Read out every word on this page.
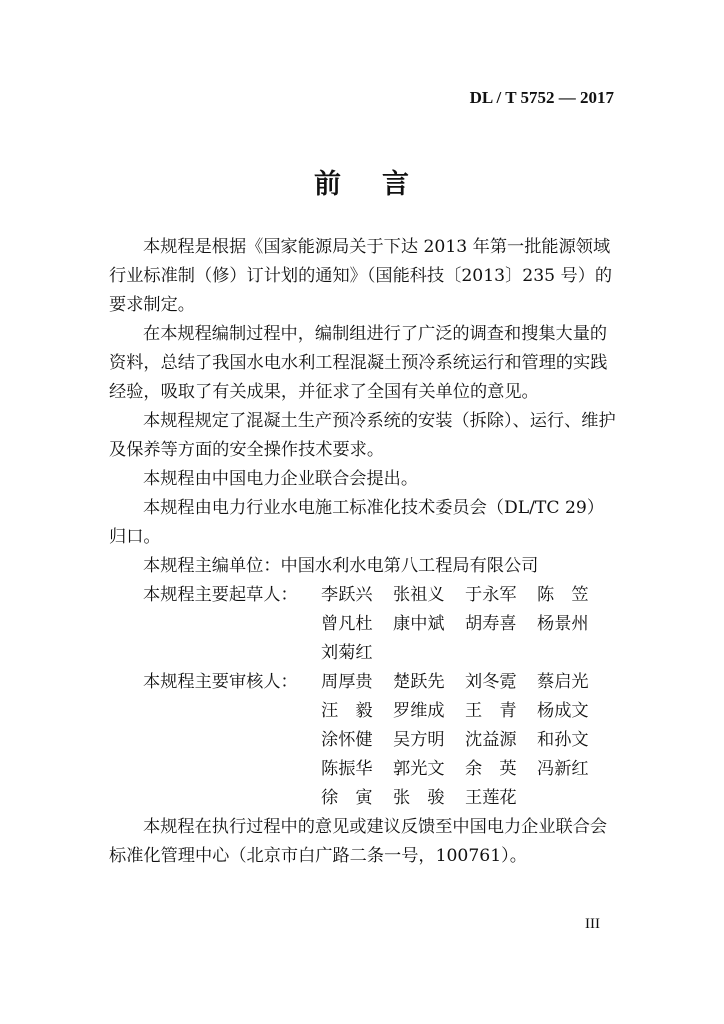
DL / T 5752 — 2017
前 言

本规程是根据《国家能源局关于下达 2013 年第一批能源领域行业标准制（修）订计划的通知》（国能科技〔2013〕235 号）的要求制定。

在本规程编制过程中，编制组进行了广泛的调查和搜集大量的资料，总结了我国水电水利工程混凝土预冷系统运行和管理的实践经验，吸取了有关成果，并征求了全国有关单位的意见。

本规程规定了混凝土生产预冷系统的安装（拆除）、运行、维护及保养等方面的安全操作技术要求。

本规程由中国电力企业联合会提出。

本规程由电力行业水电施工标准化技术委员会（DL/TC 29）归口。

本规程主编单位：中国水利水电第八工程局有限公司

本规程主要起草人：	李跃兴	张祖义	于永军	陈　笠
曾凡杜	康中斌	胡寿喜	杨景州
刘菊红
本规程主要审核人：	周厚贵	楚跃先	刘冬霓	蔡启光
汪　毅	罗维成	王　青	杨成文
涂怀健	吴方明	沈益源	和孙文
陈振华	郭光文	余　英	冯新红
徐　寅	张　骏	王莲花

本规程在执行过程中的意见或建议反馈至中国电力企业联合会标准化管理中心（北京市白广路二条一号，100761）。

III
